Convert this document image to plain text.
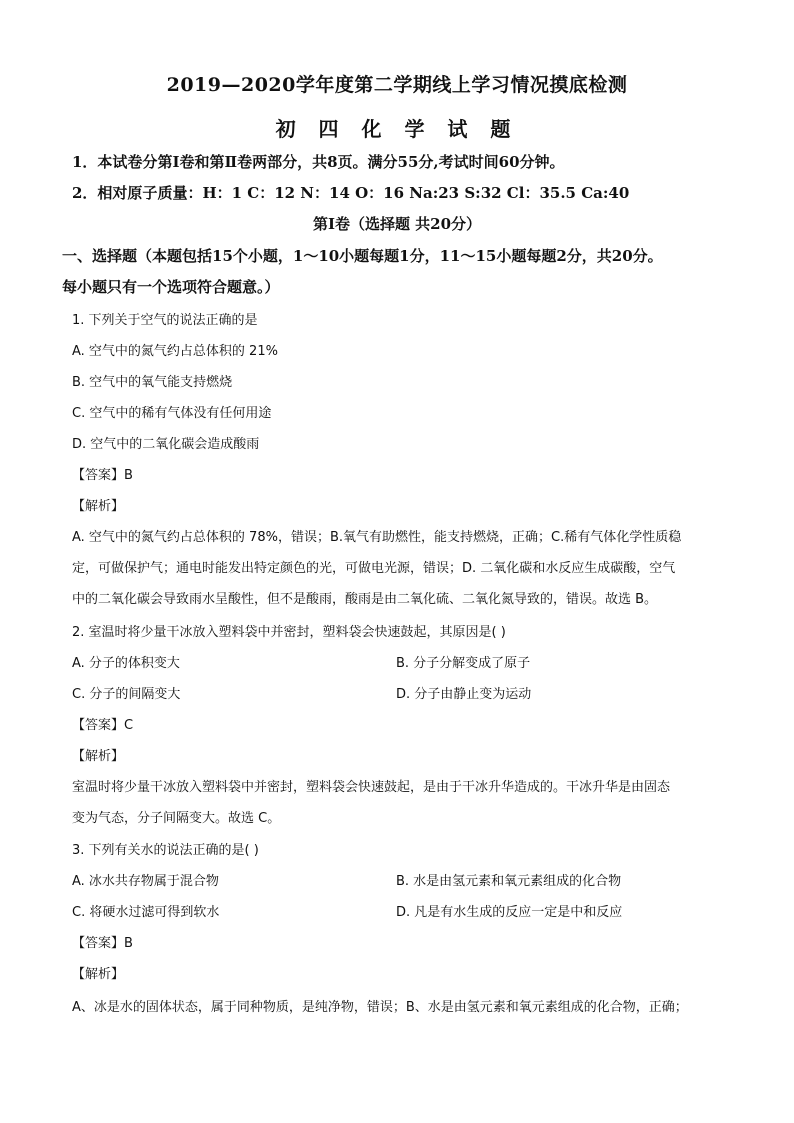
2019—2020学年度第二学期线上学习情况摸底检测
初 四 化 学 试 题
1．本试卷分第Ⅰ卷和第Ⅱ卷两部分，共8页。满分55分,考试时间60分钟。
2．相对原子质量：H：1 C：12 N：14 O：16 Na:23 S:32 Cl：35.5 Ca:40
第Ⅰ卷（选择题 共20分）
一、选择题（本题包括15个小题，1～10小题每题1分，11～15小题每题2分，共20分。
每小题只有一个选项符合题意。）
1. 下列关于空气的说法正确的是
A. 空气中的氮气约占总体积的 21%
B. 空气中的氧气能支持燃烧
C. 空气中的稀有气体没有任何用途
D. 空气中的二氧化碳会造成酸雨
【答案】B
【解析】
A. 空气中的氮气约占总体积的 78%，错误；B.氧气有助燃性，能支持燃烧，正确；C.稀有气体化学性质稳
定，可做保护气；通电时能发出特定颜色的光，可做电光源，错误；D. 二氧化碳和水反应生成碳酸，空气
中的二氧化碳会导致雨水呈酸性，但不是酸雨，酸雨是由二氧化硫、二氧化氮导致的，错误。故选 B。
2. 室温时将少量干冰放入塑料袋中并密封，塑料袋会快速鼓起，其原因是( )
A. 分子的体积变大	B. 分子分解变成了原子
C. 分子的间隔变大	D. 分子由静止变为运动
【答案】C
【解析】
室温时将少量干冰放入塑料袋中并密封，塑料袋会快速鼓起，是由于干冰升华造成的。干冰升华是由固态
变为气态，分子间隔变大。故选 C。
3. 下列有关水的说法正确的是( )
A. 冰水共存物属于混合物	B. 水是由氢元素和氧元素组成的化合物
C. 将硬水过滤可得到软水	D. 凡是有水生成的反应一定是中和反应
【答案】B
【解析】
A、冰是水的固体状态，属于同种物质，是纯净物，错误；B、水是由氢元素和氧元素组成的化合物，正确；
